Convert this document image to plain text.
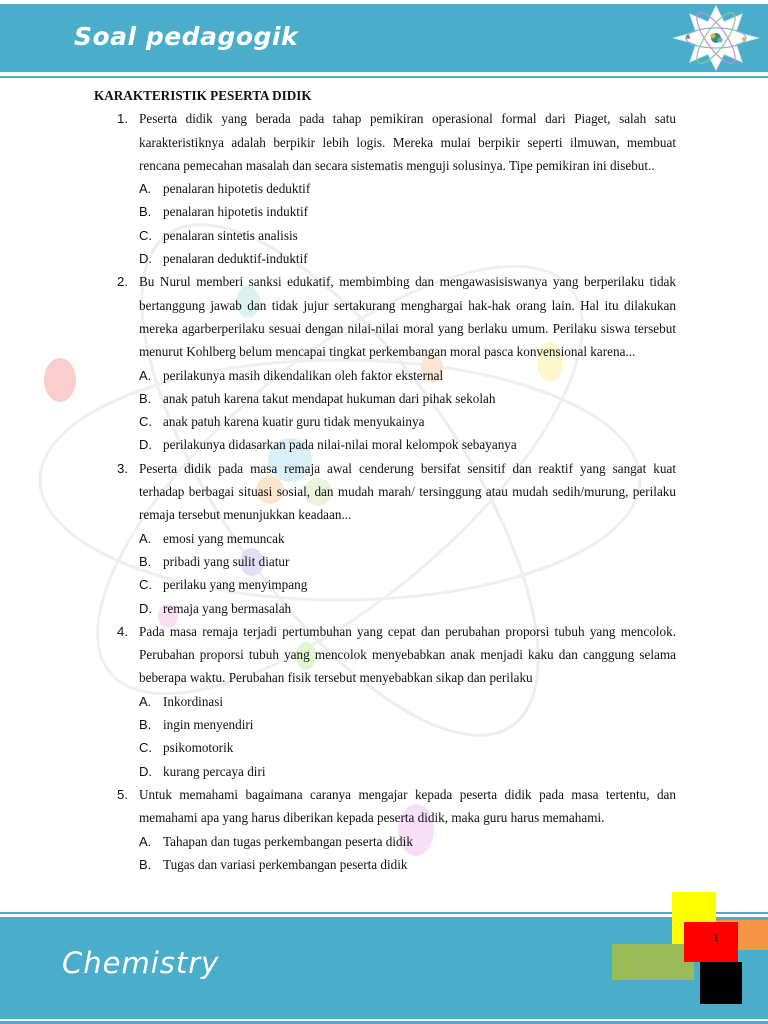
Soal pedagogik
KARAKTERISTIK PESERTA DIDIK
1. Peserta didik yang berada pada tahap pemikiran operasional formal dari Piaget, salah satu karakteristiknya adalah berpikir lebih logis. Mereka mulai berpikir seperti ilmuwan, membuat rencana pemecahan masalah dan secara sistematis menguji solusinya. Tipe pemikiran ini disebut..
A. penalaran hipotetis deduktif
B. penalaran hipotetis induktif
C. penalaran sintetis analisis
D. penalaran deduktif-induktif
2. Bu Nurul memberi sanksi edukatif, membimbing dan mengawasisiswanya yang berperilaku tidak bertanggung jawab dan tidak jujur sertakurang menghargai hak-hak orang lain. Hal itu dilakukan mereka agarberperilaku sesuai dengan nilai-nilai moral yang berlaku umum. Perilaku siswa tersebut menurut Kohlberg belum mencapai tingkat perkembangan moral pasca konvensional karena...
A. perilakunya masih dikendalikan oleh faktor eksternal
B. anak patuh karena takut mendapat hukuman dari pihak sekolah
C. anak patuh karena kuatir guru tidak menyukainya
D. perilakunya didasarkan pada nilai-nilai moral kelompok sebayanya
3. Peserta didik pada masa remaja awal cenderung bersifat sensitif dan reaktif yang sangat kuat terhadap berbagai situasi sosial, dan mudah marah/ tersinggung atau mudah sedih/murung, perilaku remaja tersebut menunjukkan keadaan...
A. emosi yang memuncak
B. pribadi yang sulit diatur
C. perilaku yang menyimpang
D. remaja yang bermasalah
4. Pada masa remaja terjadi pertumbuhan yang cepat dan perubahan proporsi tubuh yang mencolok. Perubahan proporsi tubuh yang mencolok menyebabkan anak menjadi kaku dan canggung selama beberapa waktu. Perubahan fisik tersebut menyebabkan sikap dan perilaku
A. Inkordinasi
B. ingin menyendiri
C. psikomotorik
D. kurang percaya diri
5. Untuk memahami bagaimana caranya mengajar kepada peserta didik pada masa tertentu, dan memahami apa yang harus diberikan kepada peserta didik, maka guru harus memahami.
A. Tahapan dan tugas perkembangan peserta didik
B. Tugas dan variasi perkembangan peserta didik
Chemistry
1
